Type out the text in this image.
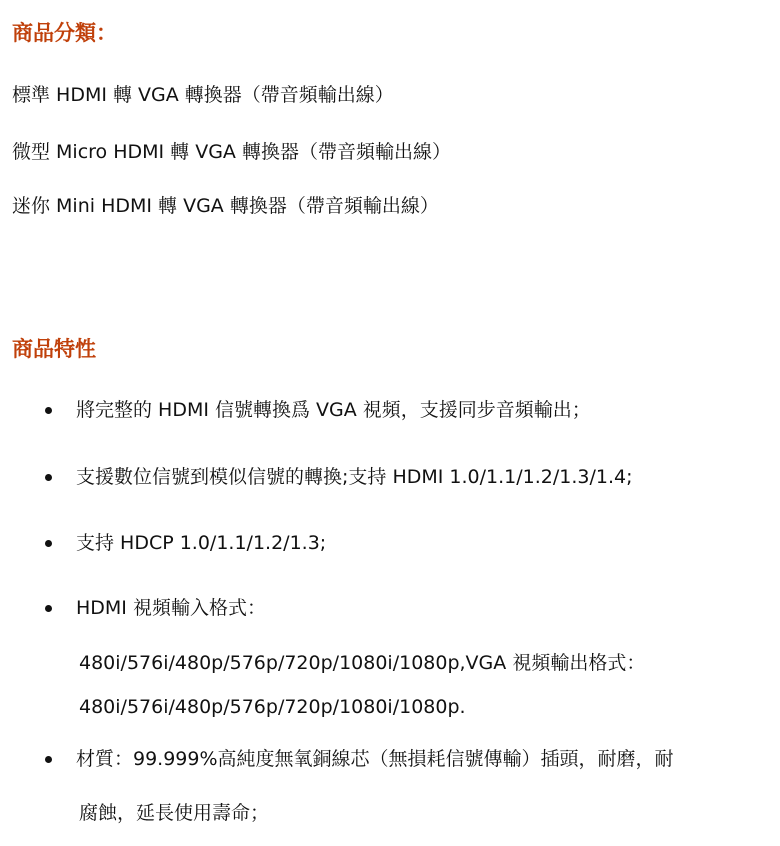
商品分類：
標準 HDMI 轉 VGA 轉換器（帶音頻輸出線）
微型 Micro HDMI 轉 VGA 轉換器（帶音頻輸出線）
迷你 Mini HDMI 轉 VGA 轉換器（帶音頻輸出線）
商品特性
將完整的 HDMI 信號轉換爲 VGA 視頻，支援同步音頻輸出；
支援數位信號到模似信號的轉換;支持 HDMI 1.0/1.1/1.2/1.3/1.4;
支持 HDCP 1.0/1.1/1.2/1.3;
HDMI 視頻輸入格式：
480i/576i/480p/576p/720p/1080i/1080p,VGA 視頻輸出格式：
480i/576i/480p/576p/720p/1080i/1080p.
材質：99.999%高純度無氧銅線芯（無損耗信號傳輸）插頭，耐磨，耐
腐蝕，延長使用壽命；
